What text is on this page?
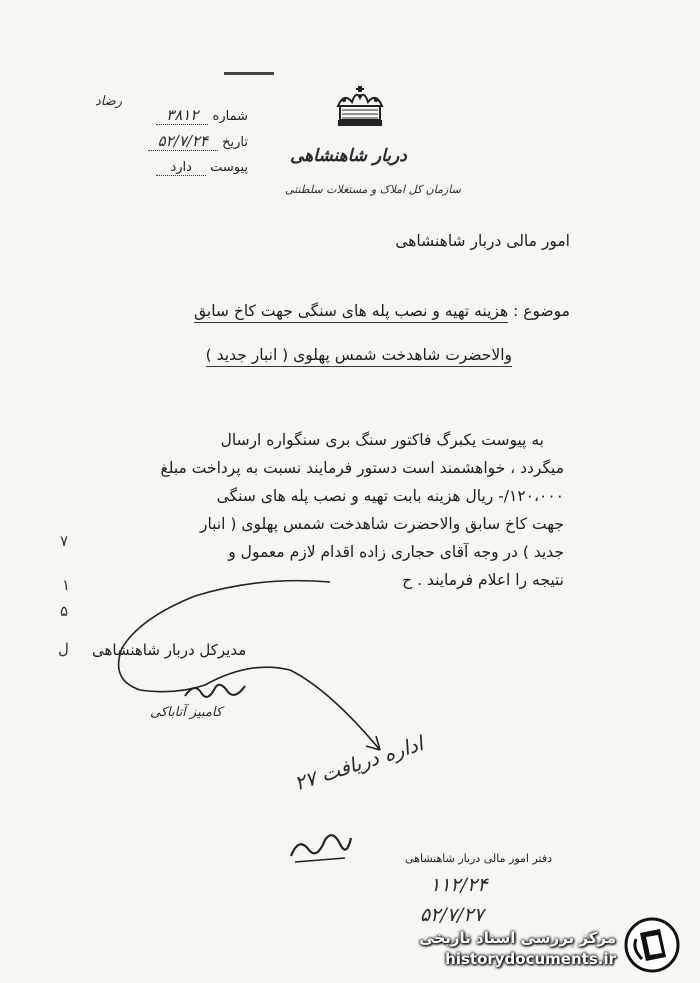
دربار شاهنشاهی
سازمان کل املاک و مستغلات سلطنتی
رضاد
شماره ۳۸۱۲
تاریخ ۵۲/۷/۲۴
پیوست دارد
امور مالی دربار شاهنشاهی
موضوع : هزینه تهیه و نصب پله های سنگی جهت کاخ سابق
والاحضرت شاهدخت شمس پهلوی ( انبار جدید )
به پیوست یکبرگ فاکتور سنگ بری سنگواره ارسال
میگردد ، خواهشمند است دستور فرمایند نسبت به پرداخت مبلغ
۱۲۰،۰۰۰/- ریال هزینه بابت تهیه و نصب پله های سنگی
جهت کاخ سابق والاحضرت شاهدخت شمس پهلوی ( انبار
جدید ) در وجه آقای حجاری زاده اقدام لازم معمول و
نتیجه را اعلام فرمایند . ح
۷
۱
۵
ل مدیرکل دربار شاهنشاهی
کامبیز آتاباکی
اداره دریافت ۲۷
دفتر امور مالی دربار شاهنشاهی
۱۱۲/۲۴
۵۲/۷/۲۷
مرکز بررسی اسناد تاریخی
historydocuments.ir
